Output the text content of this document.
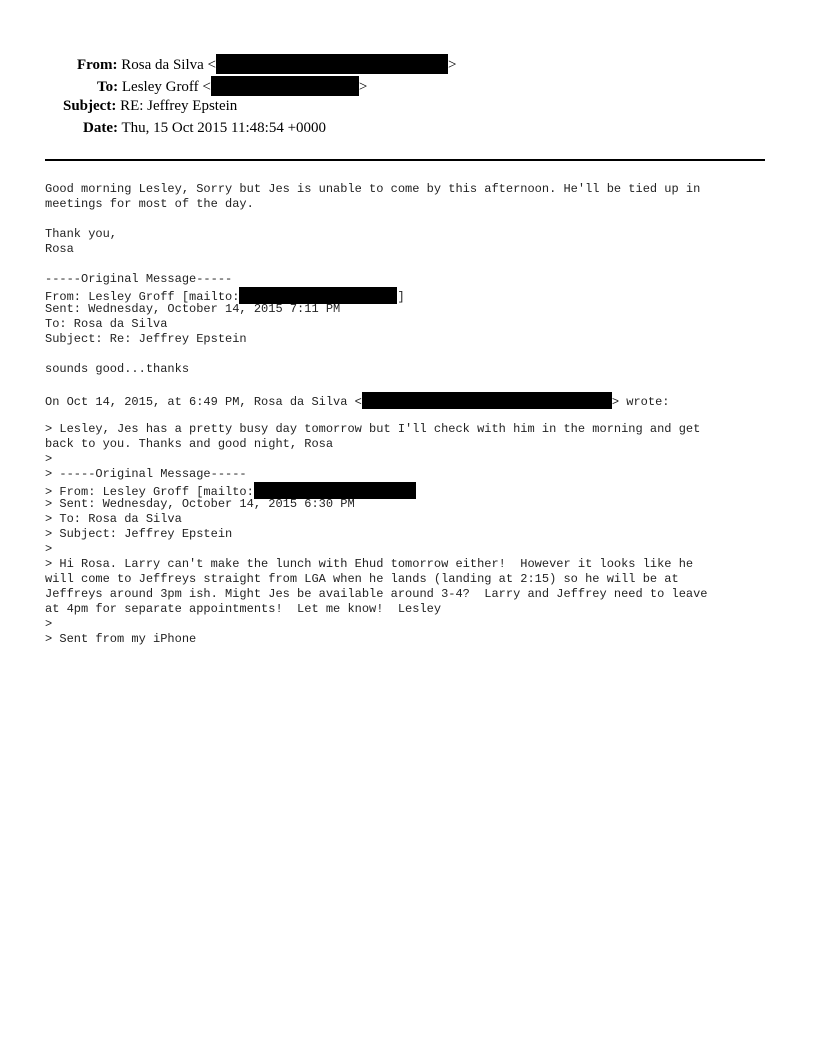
From: Rosa da Silva <	>
To: Lesley Groff <	>
Subject: RE: Jeffrey Epstein
Date: Thu, 15 Oct 2015 11:48:54 +0000
Good morning Lesley, Sorry but Jes is unable to come by this afternoon. He'll be tied up in
meetings for most of the day.
Thank you,
Rosa
-----Original Message-----
From: Lesley Groff [mailto:	]
Sent: Wednesday, October 14, 2015 7:11 PM
To: Rosa da Silva
Subject: Re: Jeffrey Epstein
sounds good...thanks
On Oct 14, 2015, at 6:49 PM, Rosa da Silva <	> wrote:
> Lesley, Jes has a pretty busy day tomorrow but I'll check with him in the morning and get
back to you. Thanks and good night, Rosa
>
> -----Original Message-----
> From: Lesley Groff [mailto:
> Sent: Wednesday, October 14, 2015 6:30 PM
> To: Rosa da Silva
> Subject: Jeffrey Epstein
>
> Hi Rosa. Larry can't make the lunch with Ehud tomorrow either!  However it looks like he
will come to Jeffreys straight from LGA when he lands (landing at 2:15) so he will be at
Jeffreys around 3pm ish. Might Jes be available around 3-4?  Larry and Jeffrey need to leave
at 4pm for separate appointments!  Let me know!  Lesley
>
> Sent from my iPhone
